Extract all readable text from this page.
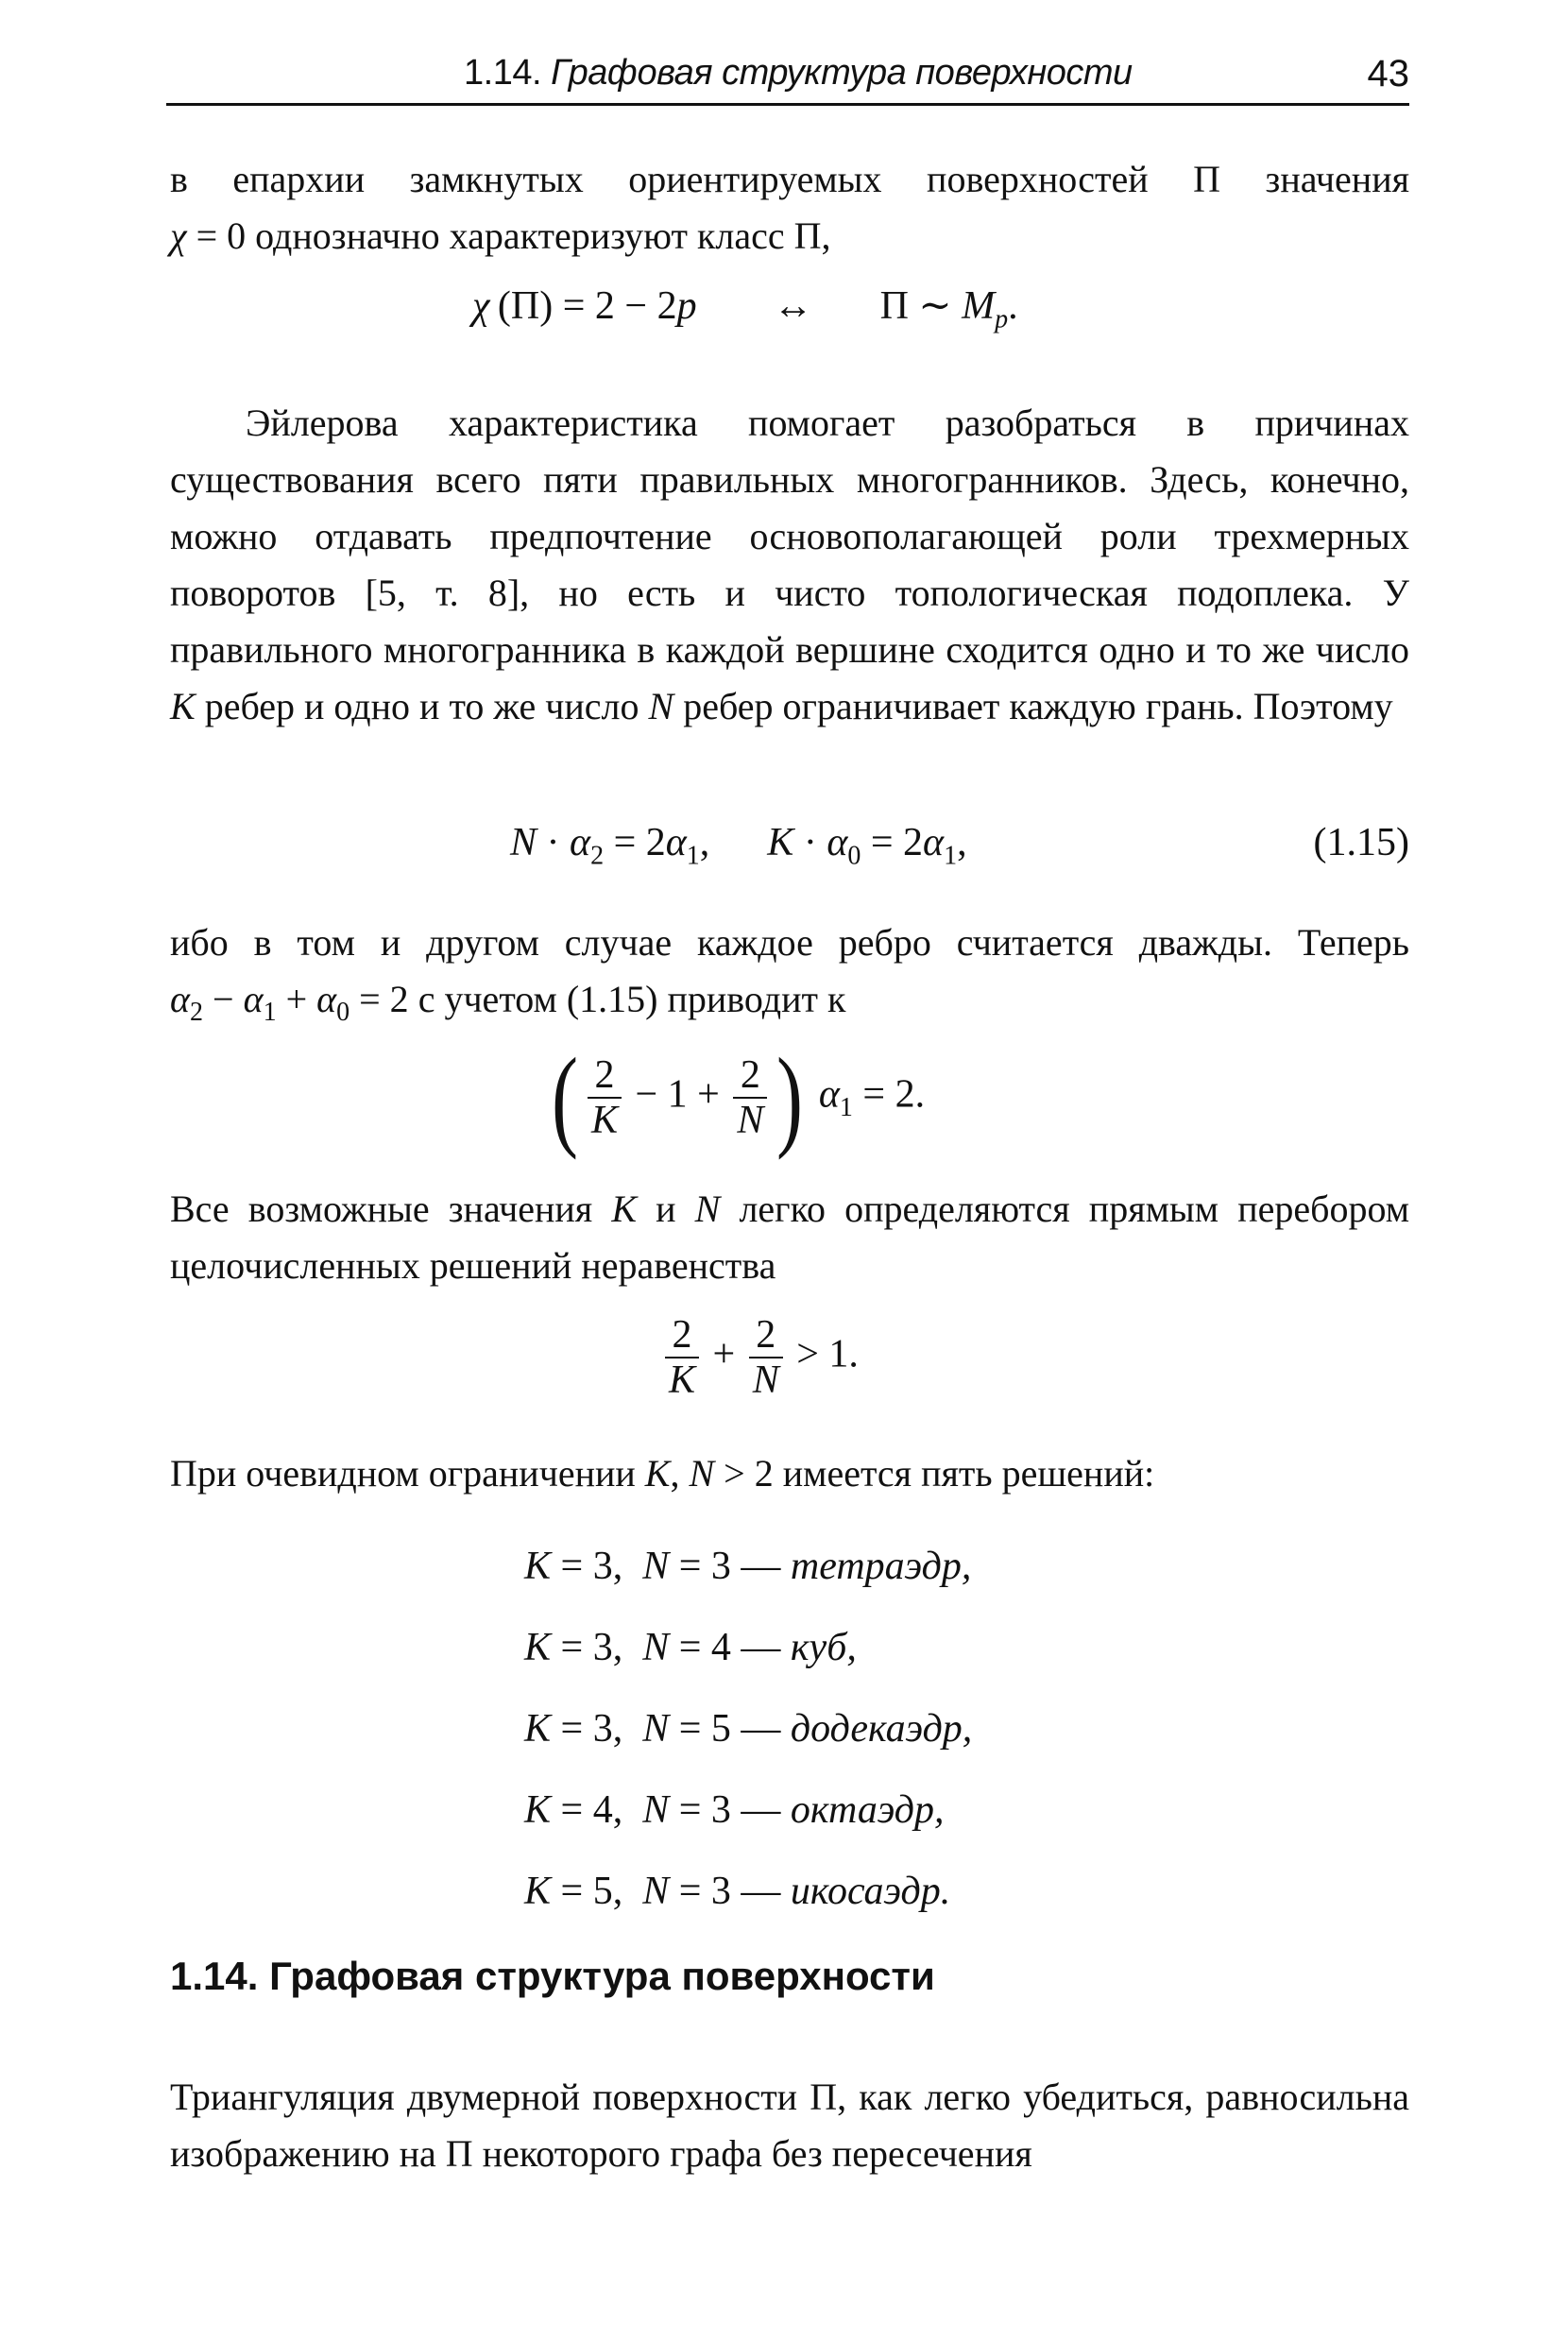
1.14. Графовая структура поверхности	43
в епархии замкнутых ориентируемых поверхностей П значения
χ = 0 однозначно характеризуют класс П,
χ  (П) = 2 − 2p ↔ П ∼ $M_p$.
Эйлерова характеристика помогает разобраться в причинах существования всего пяти правильных многогранников. Здесь, конечно, можно отдавать предпочтение основополагающей роли трехмерных поворотов [5, т. 8], но есть и чисто топологическая подоплека. У правильного многогранника в каждой вершине сходится одно и то же число K ребер и одно и то же число N ребер ограничивает каждую грань. Поэтому
$N \cdot \alpha_2 = 2\alpha_1$,  $K \cdot \alpha_0 = 2\alpha_1$,	(1.15)
ибо в том и другом случае каждое ребро считается дважды. Теперь
$\alpha_2 - \alpha_1 + \alpha_0 = 2$ с учетом (1.15) приводит к
( $\frac{2}{K} - 1 + \frac{2}{N}$ ) $\alpha_1 = 2$.
Все возможные значения K и N легко определяются прямым перебором целочисленных решений неравенства
$\frac{2}{K} + \frac{2}{N} > 1$.
При очевидном ограничении K, N > 2 имеется пять решений:
K = 3,  N = 3 — тетраэдр,
K = 3,  N = 4 — куб,
K = 3,  N = 5 — додекаэдр,
K = 4,  N = 3 — октаэдр,
K = 5,  N = 3 — икосаэдр.
1.14. Графовая структура поверхности
Триангуляция двумерной поверхности П, как легко убедиться, равносильна изображению на П некоторого графа без пересечения
